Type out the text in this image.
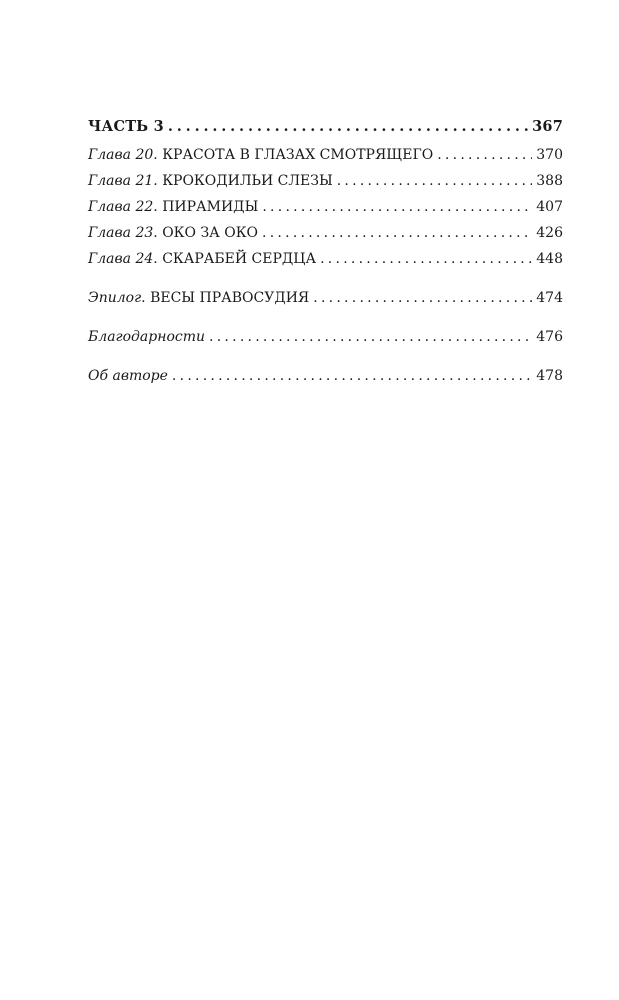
ЧАСТЬ 3 . . .	367
Глава 20. КРАСОТА В ГЛАЗАХ СМОТРЯЩЕГО . . .	370
Глава 21. КРОКОДИЛЬИ СЛЕЗЫ . . .	388
Глава 22. ПИРАМИДЫ . . .	407
Глава 23. ОКО ЗА ОКО . . .	426
Глава 24. СКАРАБЕЙ СЕРДЦА . . .	448
Эпилог. ВЕСЫ ПРАВОСУДИЯ . . .	474
Благодарности . . .	476
Об авторе . . .	478
